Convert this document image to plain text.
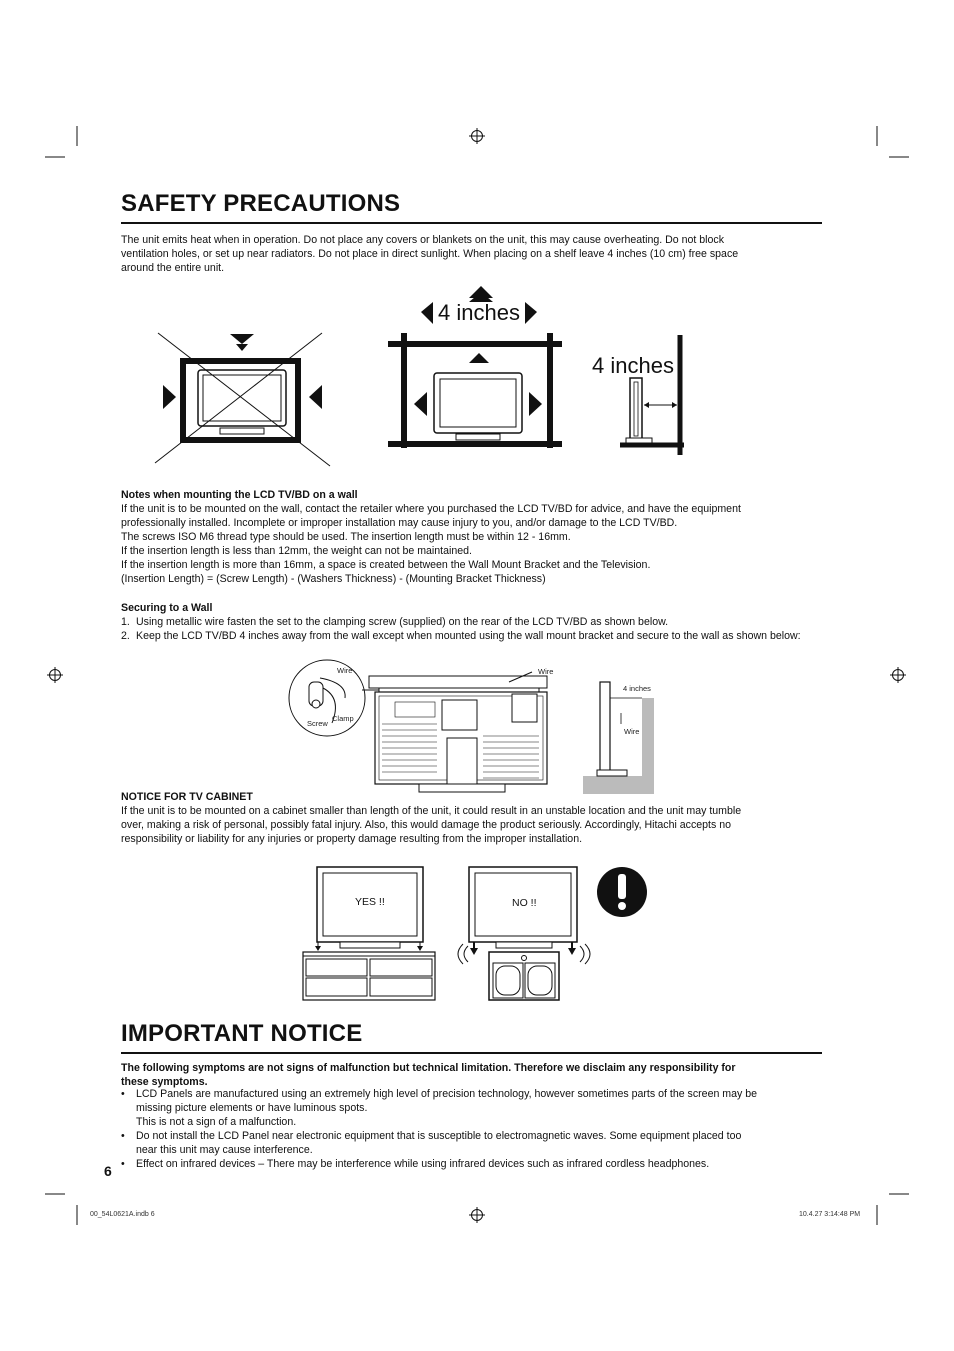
SAFETY PRECAUTIONS

The unit emits heat when in operation. Do not place any covers or blankets on the unit, this may cause overheating. Do not block
ventilation holes, or set up near radiators. Do not place in direct sunlight. When placing on a shelf leave 4 inches (10 cm) free space
around the entire unit.

4 inches
4 inches

Notes when mounting the LCD TV/BD on a wall
If the unit is to be mounted on the wall, contact the retailer where you purchased the LCD TV/BD for advice, and have the equipment
professionally installed. Incomplete or improper installation may cause injury to you, and/or damage to the LCD TV/BD.
The screws ISO M6 thread type should be used. The insertion length must be within 12 - 16mm.
If the insertion length is less than 12mm, the weight can not be maintained.
If the insertion length is more than 16mm, a space is created between the Wall Mount Bracket and the Television.
(Insertion Length) = (Screw Length) - (Washers Thickness) - (Mounting Bracket Thickness)

Securing to a Wall

1. Using metallic wire fasten the set to the clamping screw (supplied) on the rear of the LCD TV/BD as shown below.
2. Keep the LCD TV/BD 4 inches away from the wall except when mounted using the wall mount bracket and secure to the wall as shown below:
Wire
Clamp
Screw
Wire
4 inches
Wire

NOTICE FOR TV CABINET
If the unit is to be mounted on a cabinet smaller than length of the unit, it could result in an unstable location and the unit may tumble
over, making a risk of personal, possibly fatal injury. Also, this would damage the product seriously. Accordingly, Hitachi accepts no
responsibility or liability for any injuries or property damage resulting from the improper installation.

YES !!	NO !!
IMPORTANT NOTICE

The following symptoms are not signs of malfunction but technical limitation. Therefore we disclaim any responsibility for
these symptoms.

• LCD Panels are manufactured using an extremely high level of precision technology, however sometimes parts of the screen may be
missing picture elements or have luminous spots.
This is not a sign of a malfunction.
• Do not install the LCD Panel near electronic equipment that is susceptible to electromagnetic waves. Some equipment placed too
near this unit may cause interference.
• Effect on infrared devices – There may be interference while using infrared devices such as infrared cordless headphones.
6
00_54L0621A.indb 6	10.4.27 3:14:48 PM
